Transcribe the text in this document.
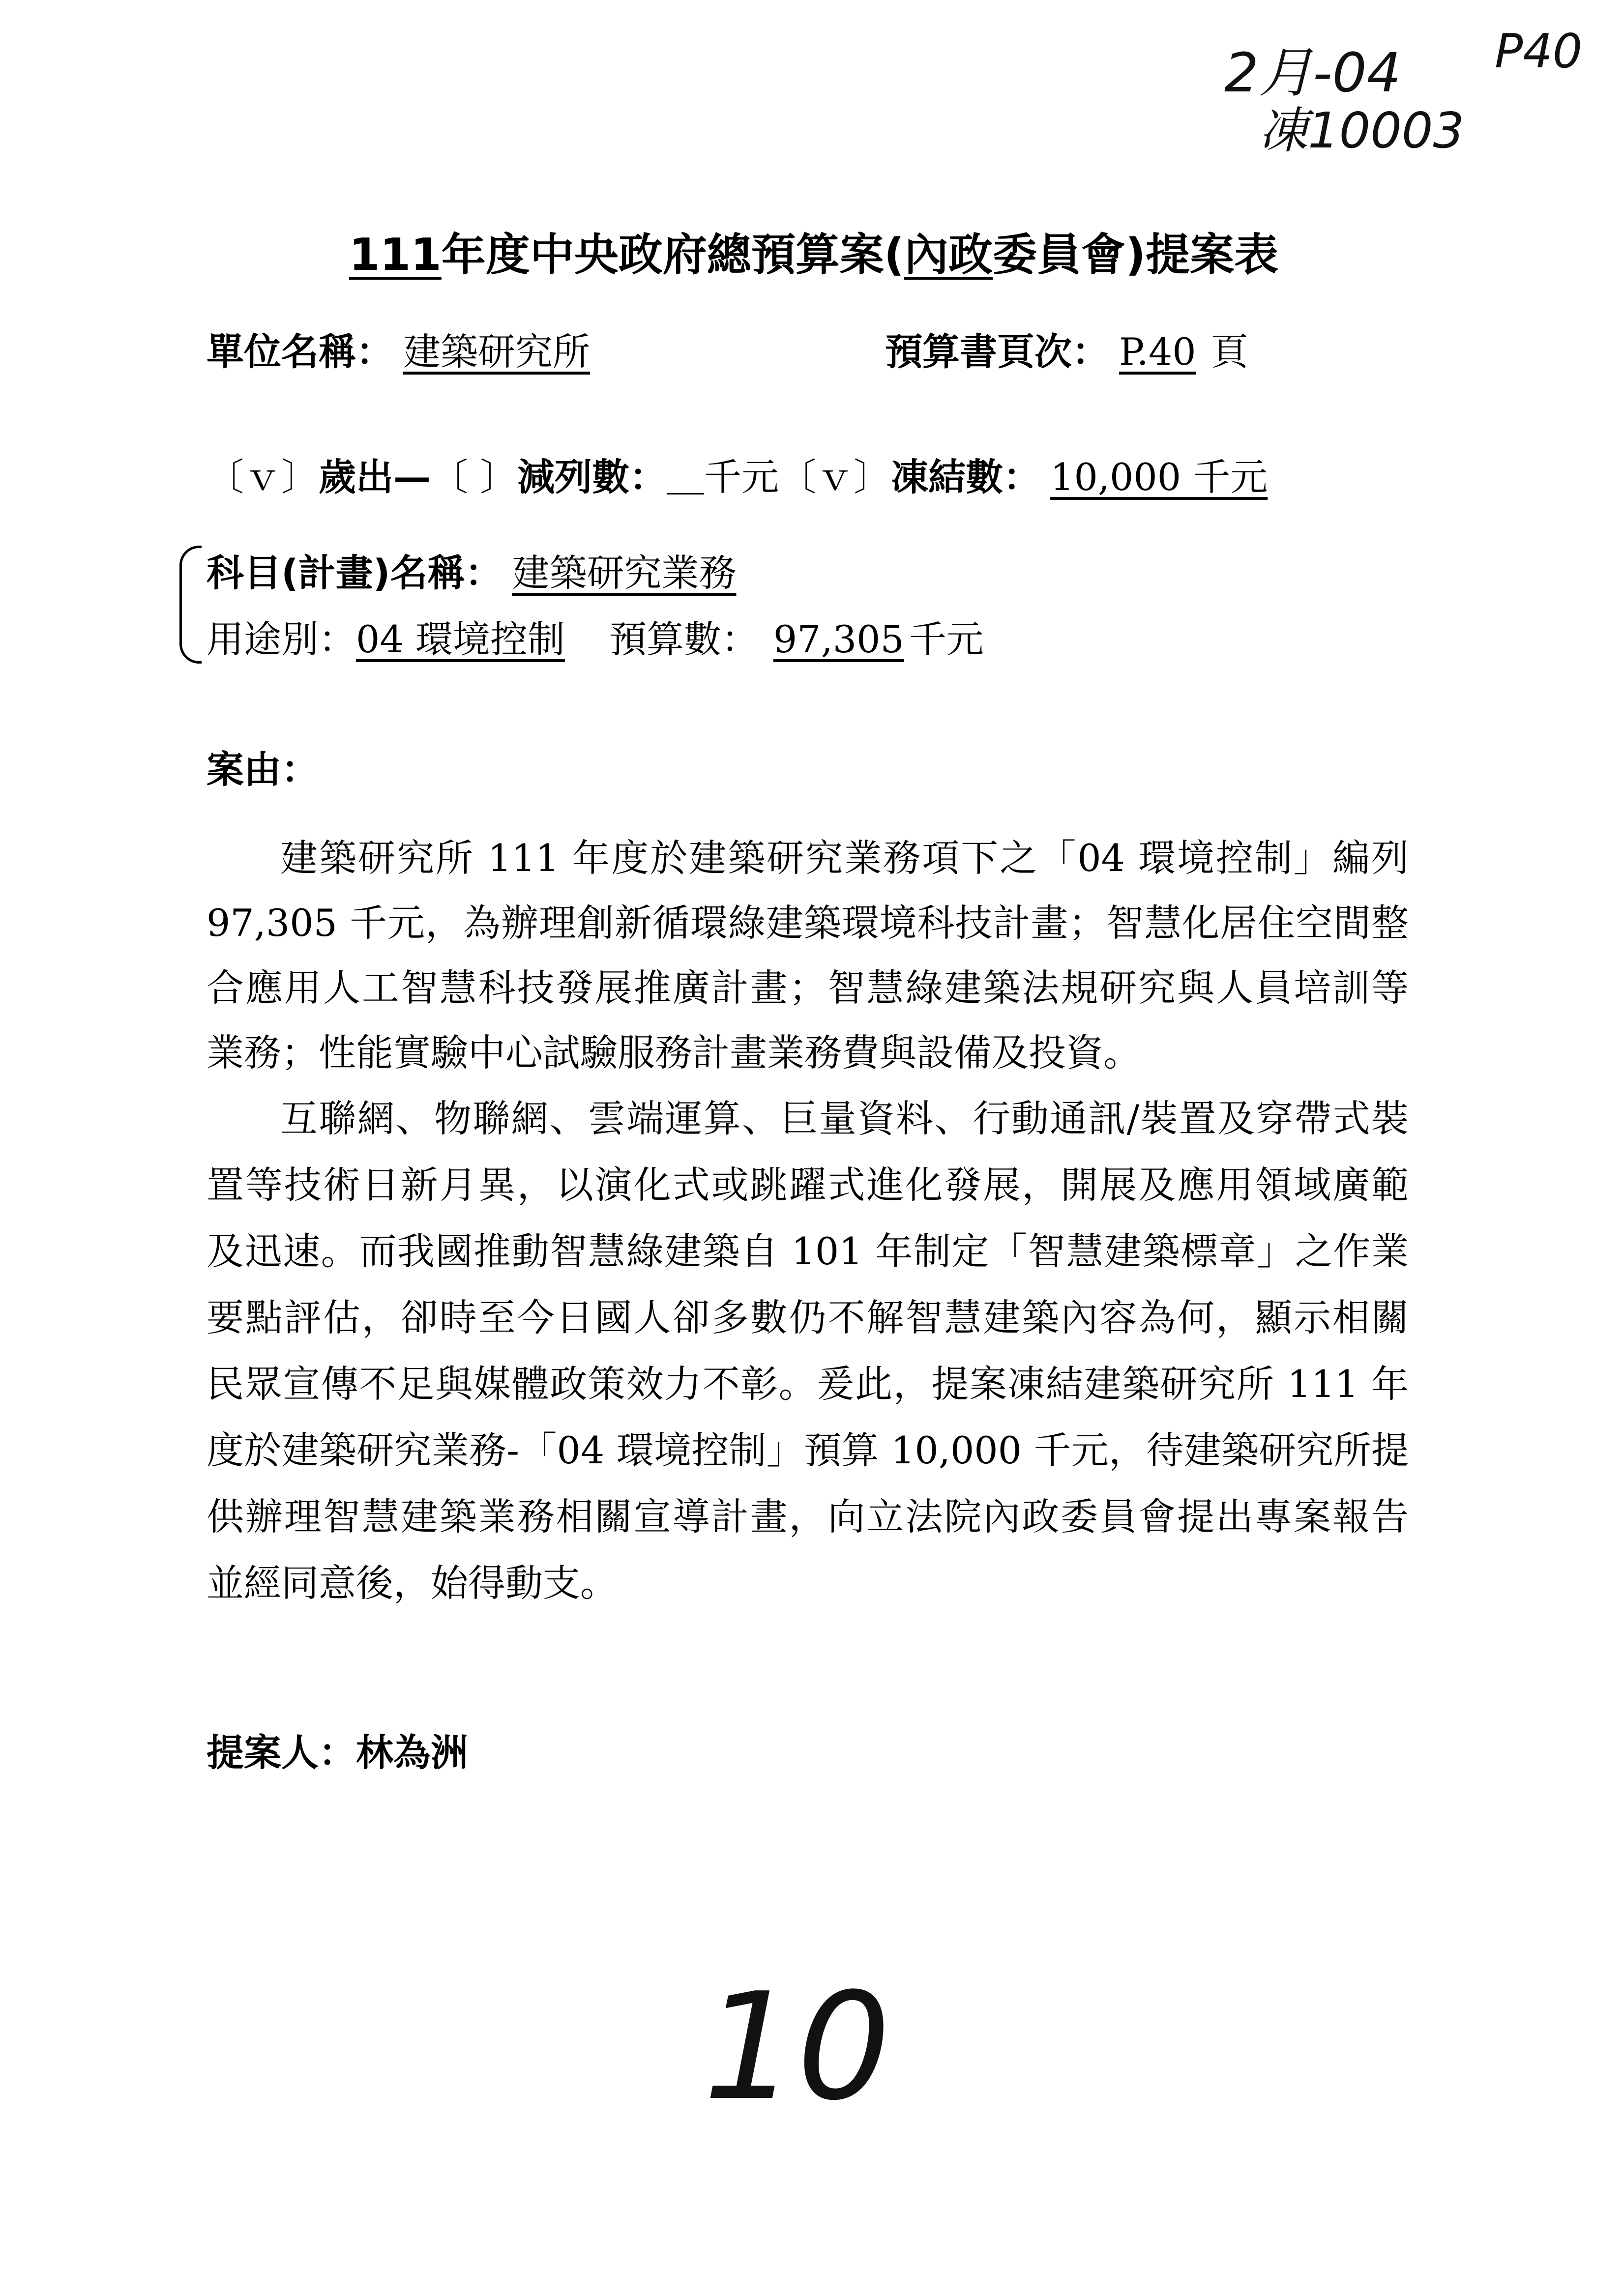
2月-04
凍10003
P40
111年度中央政府總預算案(內政委員會)提案表
單位名稱： 建築研究所	預算書頁次： P.40 頁
〔ｖ〕歲出—〔 〕減列數：＿千元〔ｖ〕凍結數： 10,000 千元
科目(計畫)名稱： 建築研究業務
用途別：04 環境控制 預算數： 97,305 千元
案由：
建築研究所 111 年度於建築研究業務項下之「04 環境控制」編列
97,305 千元，為辦理創新循環綠建築環境科技計畫；智慧化居住空間整
合應用人工智慧科技發展推廣計畫；智慧綠建築法規研究與人員培訓等
業務；性能實驗中心試驗服務計畫業務費與設備及投資。
互聯網、物聯網、雲端運算、巨量資料、行動通訊/裝置及穿帶式裝
置等技術日新月異，以演化式或跳躍式進化發展，開展及應用領域廣範
及迅速。而我國推動智慧綠建築自 101 年制定「智慧建築標章」之作業
要點評估，卻時至今日國人卻多數仍不解智慧建築內容為何，顯示相關
民眾宣傳不足與媒體政策效力不彰。爰此，提案凍結建築研究所 111 年
度於建築研究業務-「04 環境控制」預算 10,000 千元，待建築研究所提
供辦理智慧建築業務相關宣導計畫，向立法院內政委員會提出專案報告
並經同意後，始得動支。
提案人：林為洲
10
